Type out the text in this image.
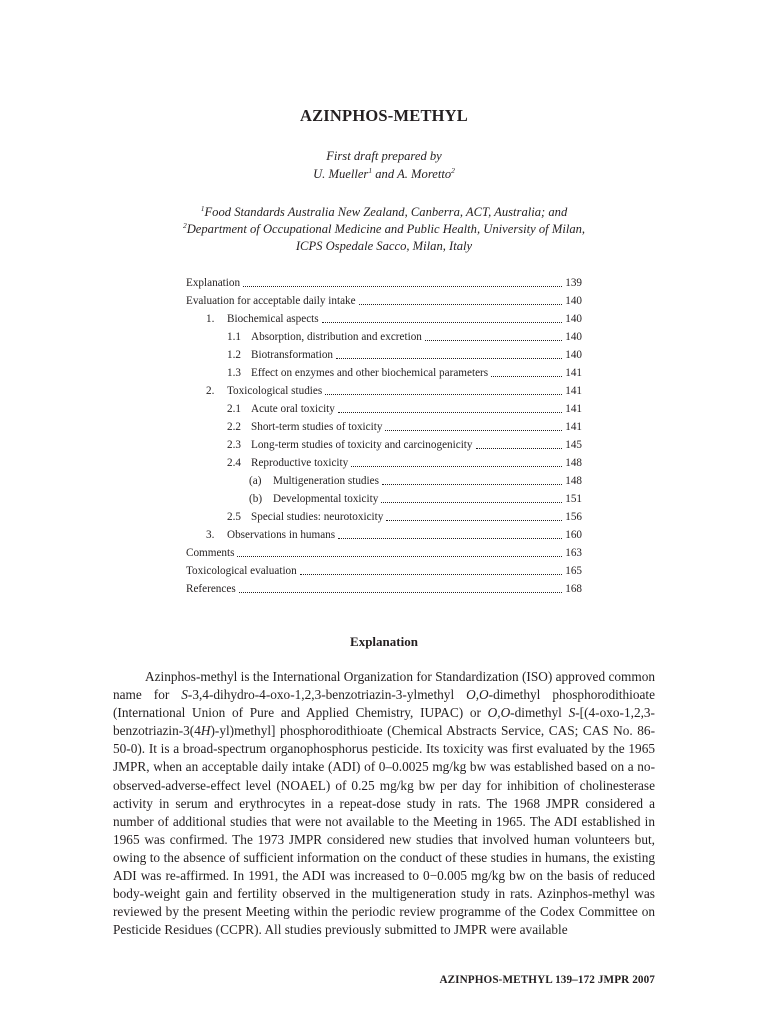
AZINPHOS-METHYL
First draft prepared by
U. Mueller$^1$ and A. Moretto$^2$
$^1$Food Standards Australia New Zealand, Canberra, ACT, Australia; and
$^2$Department of Occupational Medicine and Public Health, University of Milan,
ICPS Ospedale Sacco, Milan, Italy
Explanation	139
Evaluation for acceptable daily intake	140
1.	Biochemical aspects	140
1.1 Absorption, distribution and excretion	140
1.2 Biotransformation	140
1.3 Effect on enzymes and other biochemical parameters	141
2.	Toxicological studies	141
2.1 Acute oral toxicity	141
2.2 Short-term studies of toxicity	141
2.3 Long-term studies of toxicity and carcinogenicity	145
2.4 Reproductive toxicity	148
(a)	Multigeneration studies	148
(b) Developmental toxicity	151
2.5 Special studies: neurotoxicity	156
3.	Observations in humans	160
Comments	163
Toxicological evaluation	165
References	168
Explanation

Azinphos-methyl is the International Organization for Standardization (ISO) approved common name for S-3,4-dihydro-4-oxo-1,2,3-benzotriazin-3-ylmethyl O,O-dimethyl phosphorodithioate (International Union of Pure and Applied Chemistry, IUPAC) or O,O-dimethyl S-[(4-oxo-1,2,3-benzotriazin-3(4H)-yl)methyl] phosphorodithioate (Chemical Abstracts Service, CAS; CAS No. 86-50-0). It is a broad-spectrum organophosphorus pesticide. Its toxicity was first evaluated by the 1965 JMPR, when an acceptable daily intake (ADI) of 0–0.0025 mg/kg bw was established based on a no-observed-adverse-effect level (NOAEL) of 0.25 mg/kg bw per day for inhibition of cholinesterase activity in serum and erythrocytes in a repeat-dose study in rats. The 1968 JMPR considered a number of additional studies that were not available to the Meeting in 1965. The ADI established in 1965 was confirmed. The 1973 JMPR considered new studies that involved human volunteers but, owing to the absence of sufficient information on the conduct of these studies in humans, the existing ADI was re-affirmed. In 1991, the ADI was increased to 0−0.005 mg/kg bw on the basis of reduced body-weight gain and fertility observed in the multigeneration study in rats. Azinphos-methyl was reviewed by the present Meeting within the periodic review programme of the Codex Committee on Pesticide Residues (CCPR). All studies previously submitted to JMPR were available

AZINPHOS-METHYL 139–172 JMPR 2007
